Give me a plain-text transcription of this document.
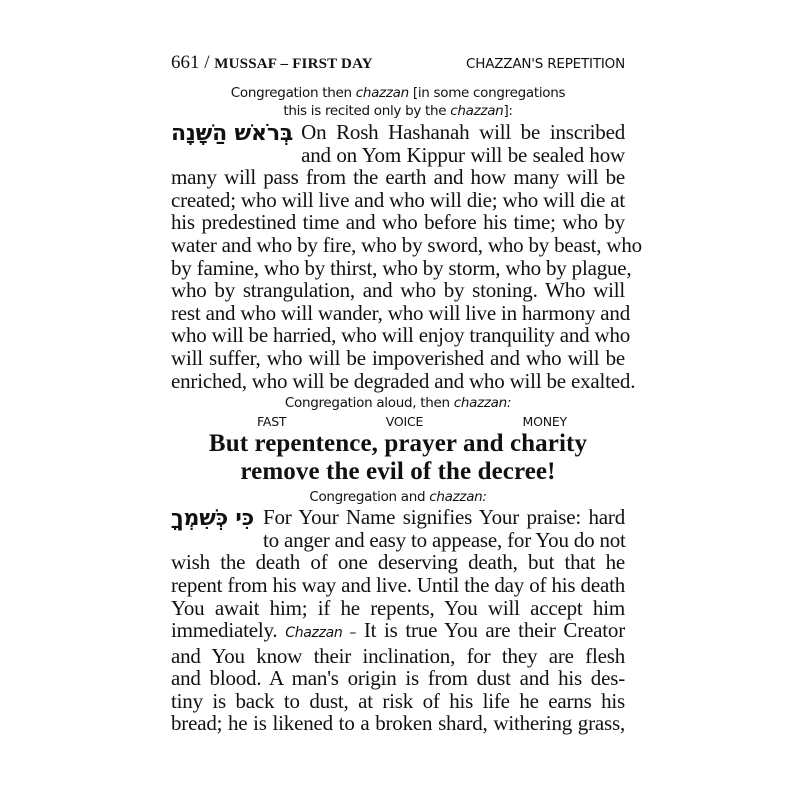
661 / MUSSAF – FIRST DAY	CHAZZAN'S REPETITION
Congregation then chazzan [in some congregations
this is recited only by the chazzan]:
בְּרֹאשׁ הַשָּׁנָה On Rosh Hashanah will be inscribed
and on Yom Kippur will be sealed how
many will pass from the earth and how many will be
created; who will live and who will die; who will die at
his predestined time and who before his time; who by
water and who by fire, who by sword, who by beast, who
by famine, who by thirst, who by storm, who by plague,
who by strangulation, and who by stoning. Who will
rest and who will wander, who will live in harmony and
who will be harried, who will enjoy tranquility and who
will suffer, who will be impoverished and who will be
enriched, who will be degraded and who will be exalted.
Congregation aloud, then chazzan:
FAST	VOICE	MONEY
But repentence, prayer and charity
remove the evil of the decree!
Congregation and chazzan:
כִּי כְּשִׁמְךָ For Your Name signifies Your praise: hard
to anger and easy to appease, for You do not
wish the death of one deserving death, but that he
repent from his way and live. Until the day of his death
You await him; if he repents, You will accept him
immediately. Chazzan – It is true You are their Creator
and You know their inclination, for they are flesh
and blood. A man's origin is from dust and his des-
tiny is back to dust, at risk of his life he earns his
bread; he is likened to a broken shard, withering grass,
